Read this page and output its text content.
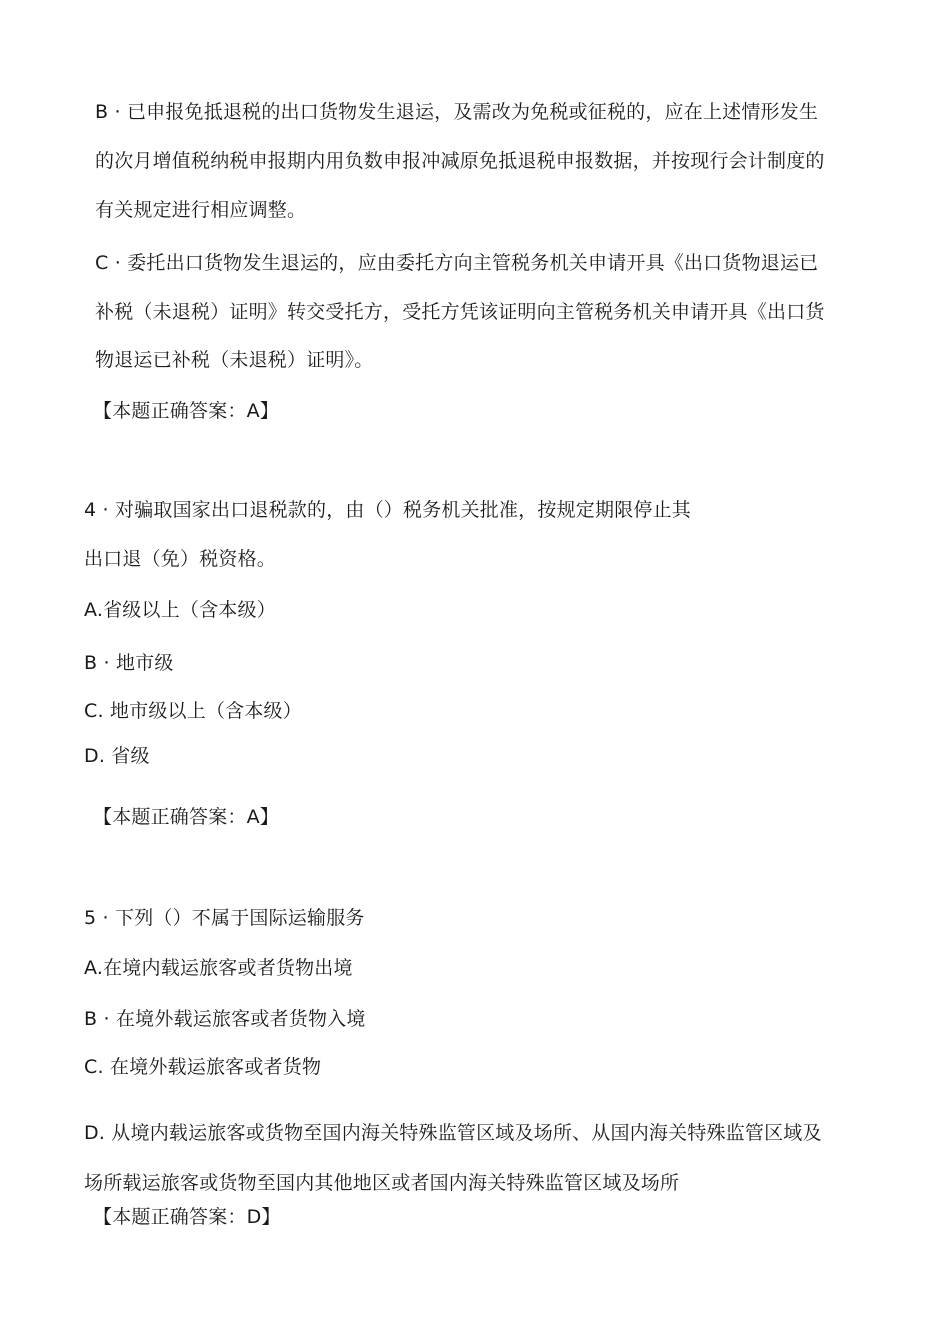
B · 已申报免抵退税的出口货物发生退运，及需改为免税或征税的，应在上述情形发生
的次月增值税纳税申报期内用负数申报冲减原免抵退税申报数据，并按现行会计制度的
有关规定进行相应调整。
C · 委托出口货物发生退运的，应由委托方向主管税务机关申请开具《出口货物退运已
补税（未退税）证明》转交受托方，受托方凭该证明向主管税务机关申请开具《出口货
物退运已补税（未退税）证明》。
【本题正确答案：A】
4 · 对骗取国家出口退税款的，由（）税务机关批准，按规定期限停止其
出口退（免）税资格。
A.省级以上（含本级）
B · 地市级
C. 地市级以上（含本级）
D. 省级
【本题正确答案：A】
5 · 下列（）不属于国际运输服务
A.在境内载运旅客或者货物出境
B · 在境外载运旅客或者货物入境
C. 在境外载运旅客或者货物
D. 从境内载运旅客或货物至国内海关特殊监管区域及场所、从国内海关特殊监管区域及
场所载运旅客或货物至国内其他地区或者国内海关特殊监管区域及场所
【本题正确答案：D】
